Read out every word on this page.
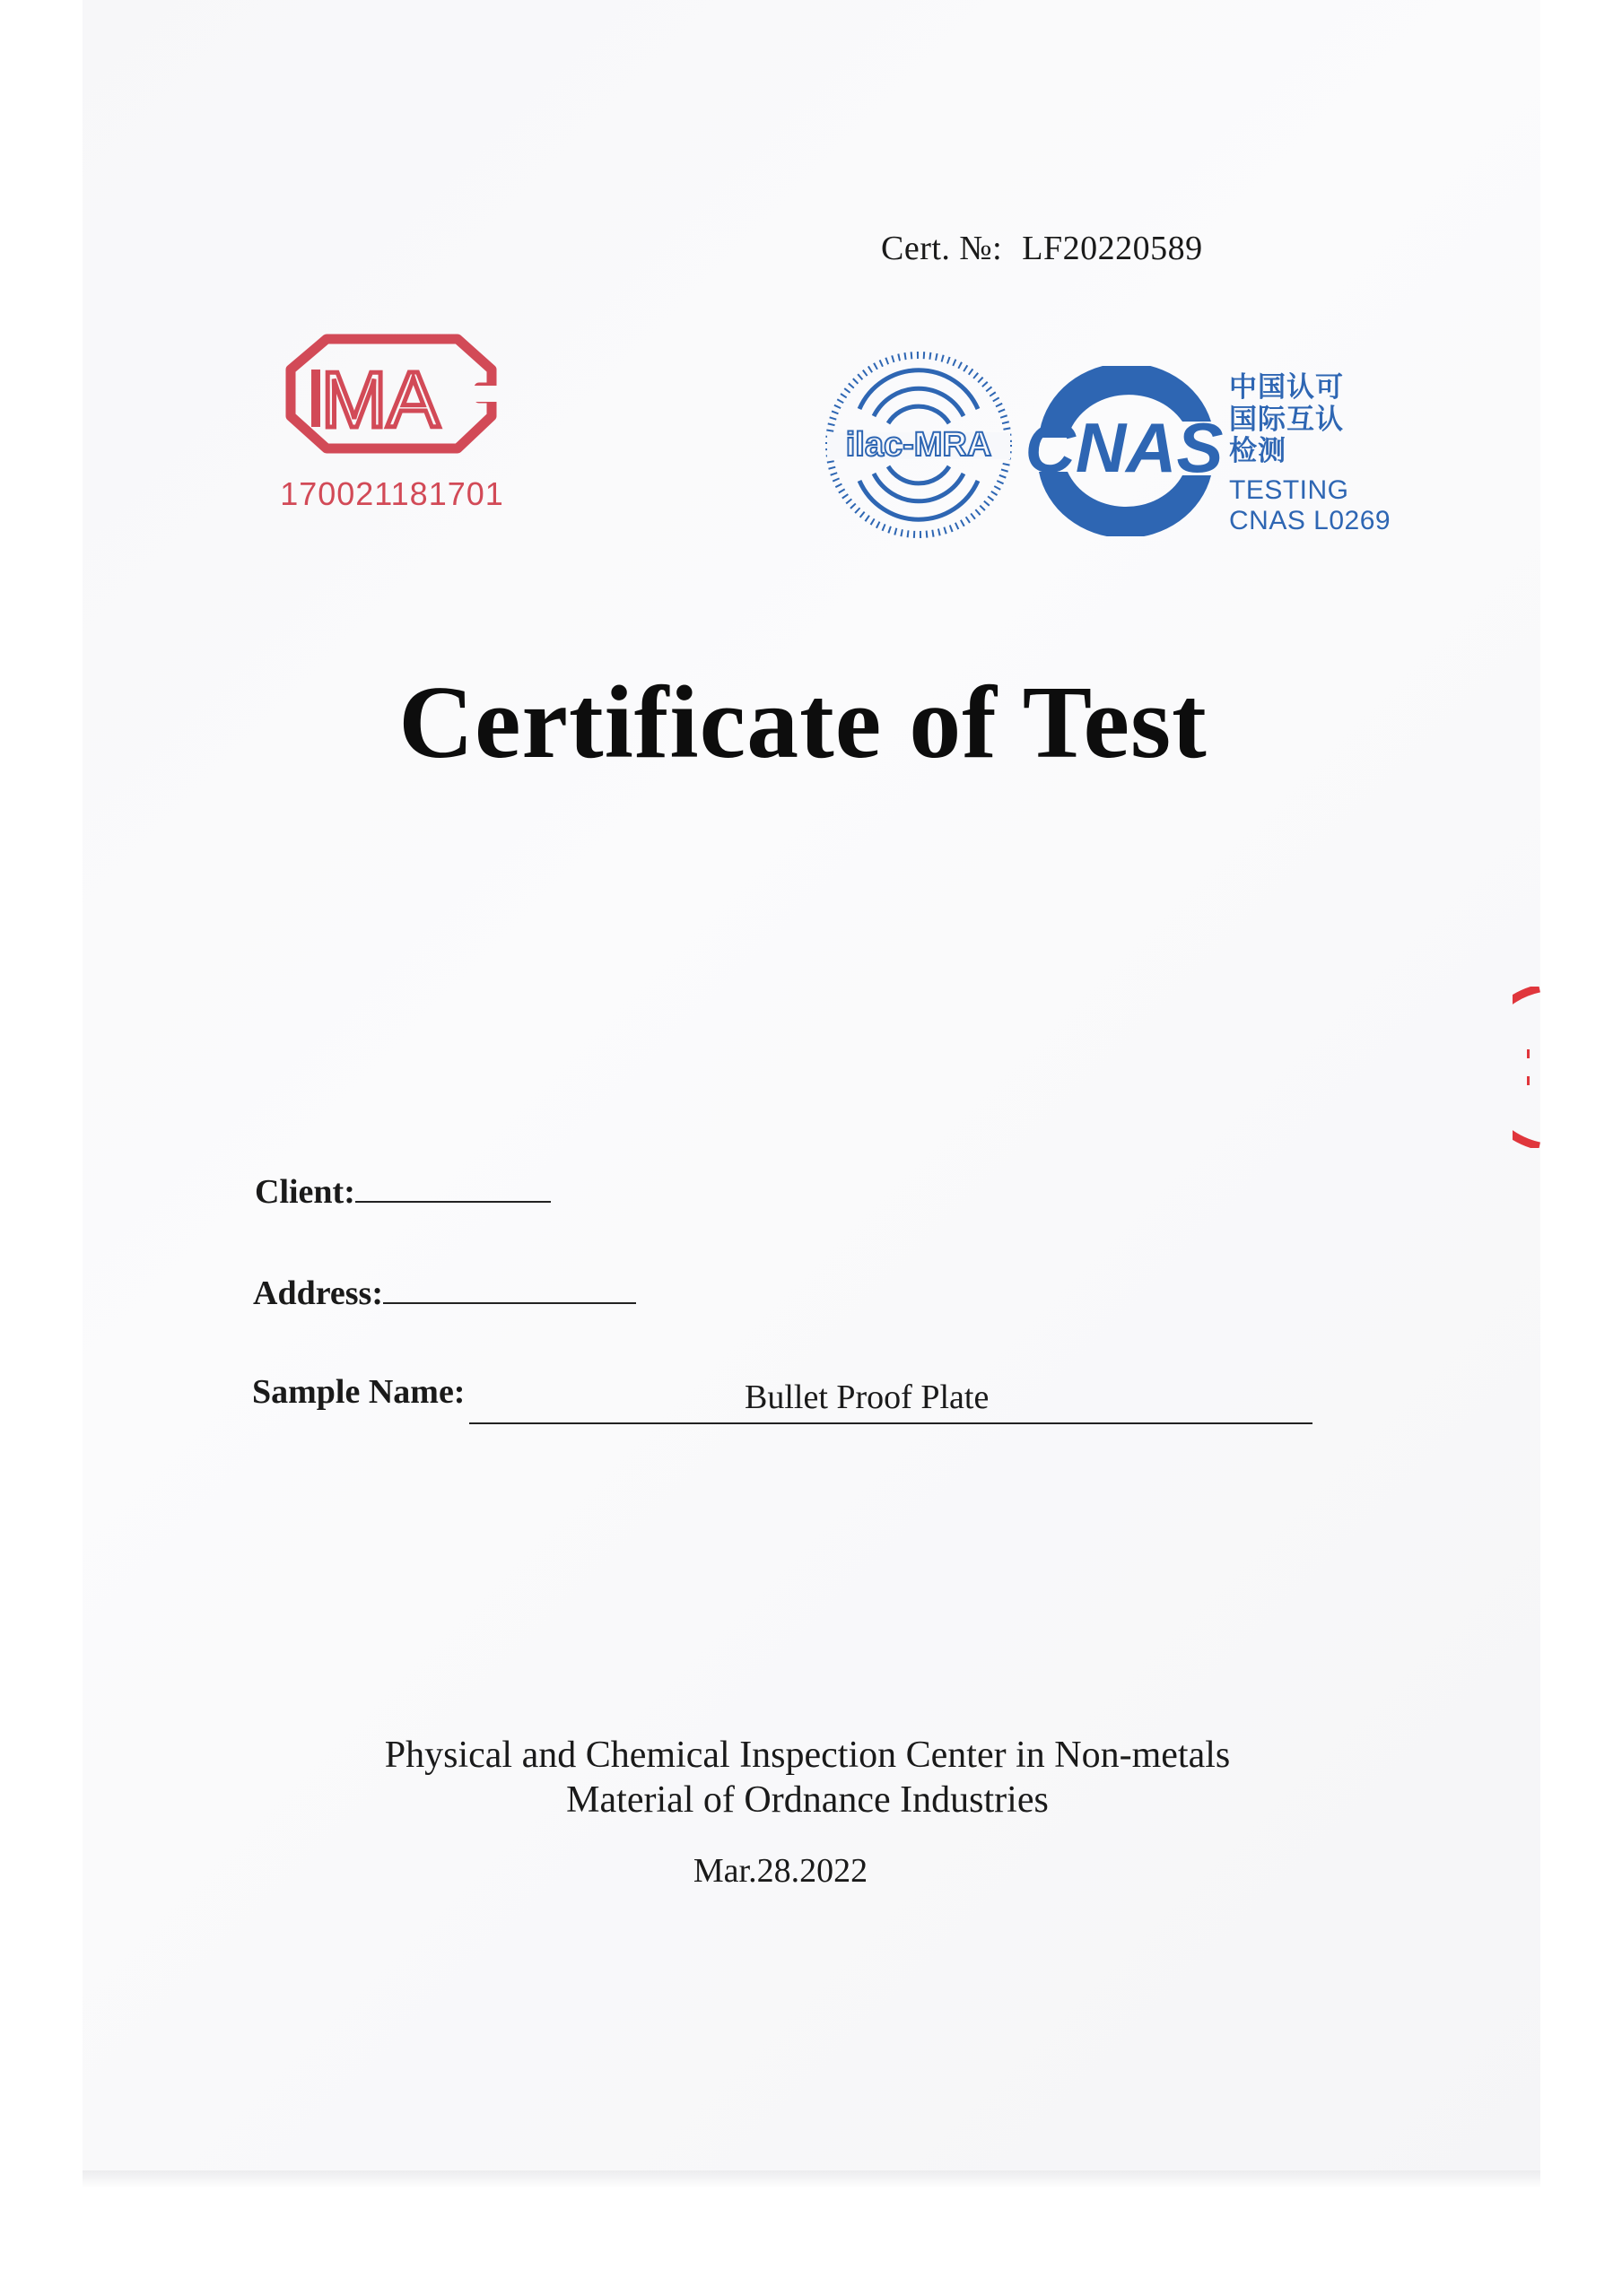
Cert. №: LF20220589
MA
170021181701
ilac-MRA CNAS
中国认可
国际互认
检测
TESTING
CNAS L0269
Certificate of Test
Client:
Address:
Sample Name:	Bullet Proof Plate
Physical and Chemical Inspection Center in Non-metals
Material of Ordnance Industries
Mar.28.2022
